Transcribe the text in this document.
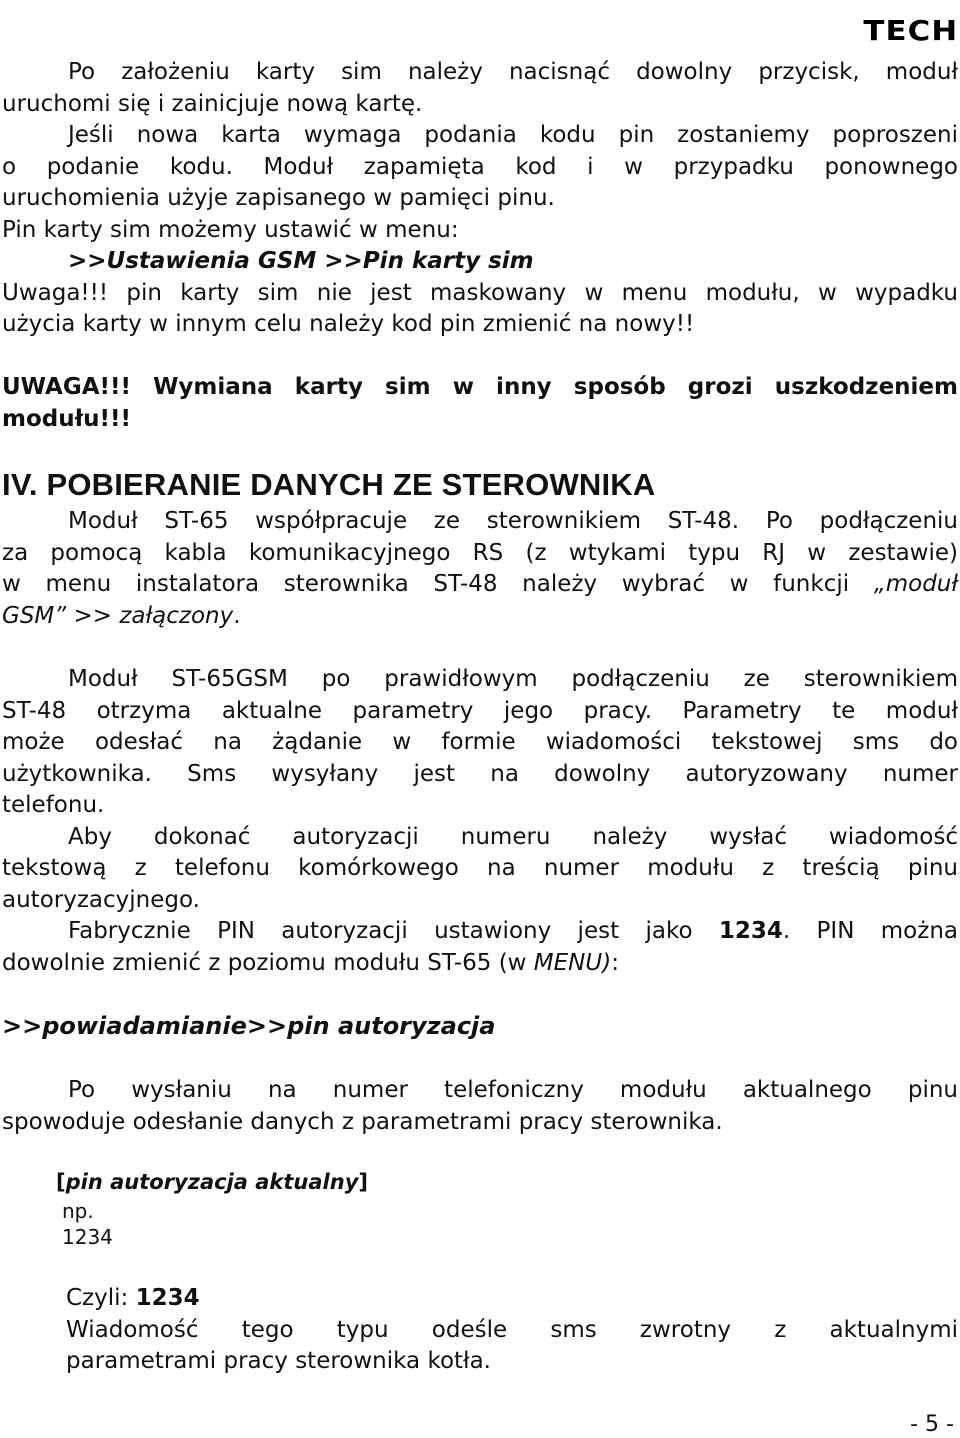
TECH
Po założeniu karty sim należy nacisnąć dowolny przycisk, moduł
uruchomi się i zainicjuje nową kartę.
Jeśli nowa karta wymaga podania kodu pin zostaniemy poproszeni
o podanie kodu. Moduł zapamięta kod i w przypadku ponownego
uruchomienia użyje zapisanego w pamięci pinu.
Pin karty sim możemy ustawić w menu:
>>Ustawienia GSM >>Pin karty sim
Uwaga!!! pin karty sim nie jest maskowany w menu modułu, w wypadku
użycia karty w innym celu należy kod pin zmienić na nowy!!
UWAGA!!! Wymiana karty sim w inny sposób grozi uszkodzeniem
modułu!!!
IV. POBIERANIE DANYCH ZE STEROWNIKA
Moduł ST-65 współpracuje ze sterownikiem ST-48. Po podłączeniu
za pomocą kabla komunikacyjnego RS (z wtykami typu RJ w zestawie)
w menu instalatora sterownika ST-48 należy wybrać w funkcji „moduł
GSM” >> załączony.
Moduł ST-65GSM po prawidłowym podłączeniu ze sterownikiem
ST-48 otrzyma aktualne parametry jego pracy. Parametry te moduł
może odesłać na żądanie w formie wiadomości tekstowej sms do
użytkownika. Sms wysyłany jest na dowolny autoryzowany numer
telefonu.
Aby dokonać autoryzacji numeru należy wysłać wiadomość
tekstową z telefonu komórkowego na numer modułu z treścią pinu
autoryzacyjnego.
Fabrycznie PIN autoryzacji ustawiony jest jako 1234. PIN można
dowolnie zmienić z poziomu modułu ST-65 (w MENU):
>>powiadamianie>>pin autoryzacja
Po wysłaniu na numer telefoniczny modułu aktualnego pinu
spowoduje odesłanie danych z parametrami pracy sterownika.
[pin autoryzacja aktualny]
np.
1234
Czyli: 1234
Wiadomość tego typu odeśle sms zwrotny z aktualnymi
parametrami pracy sterownika kotła.
- 5 -
